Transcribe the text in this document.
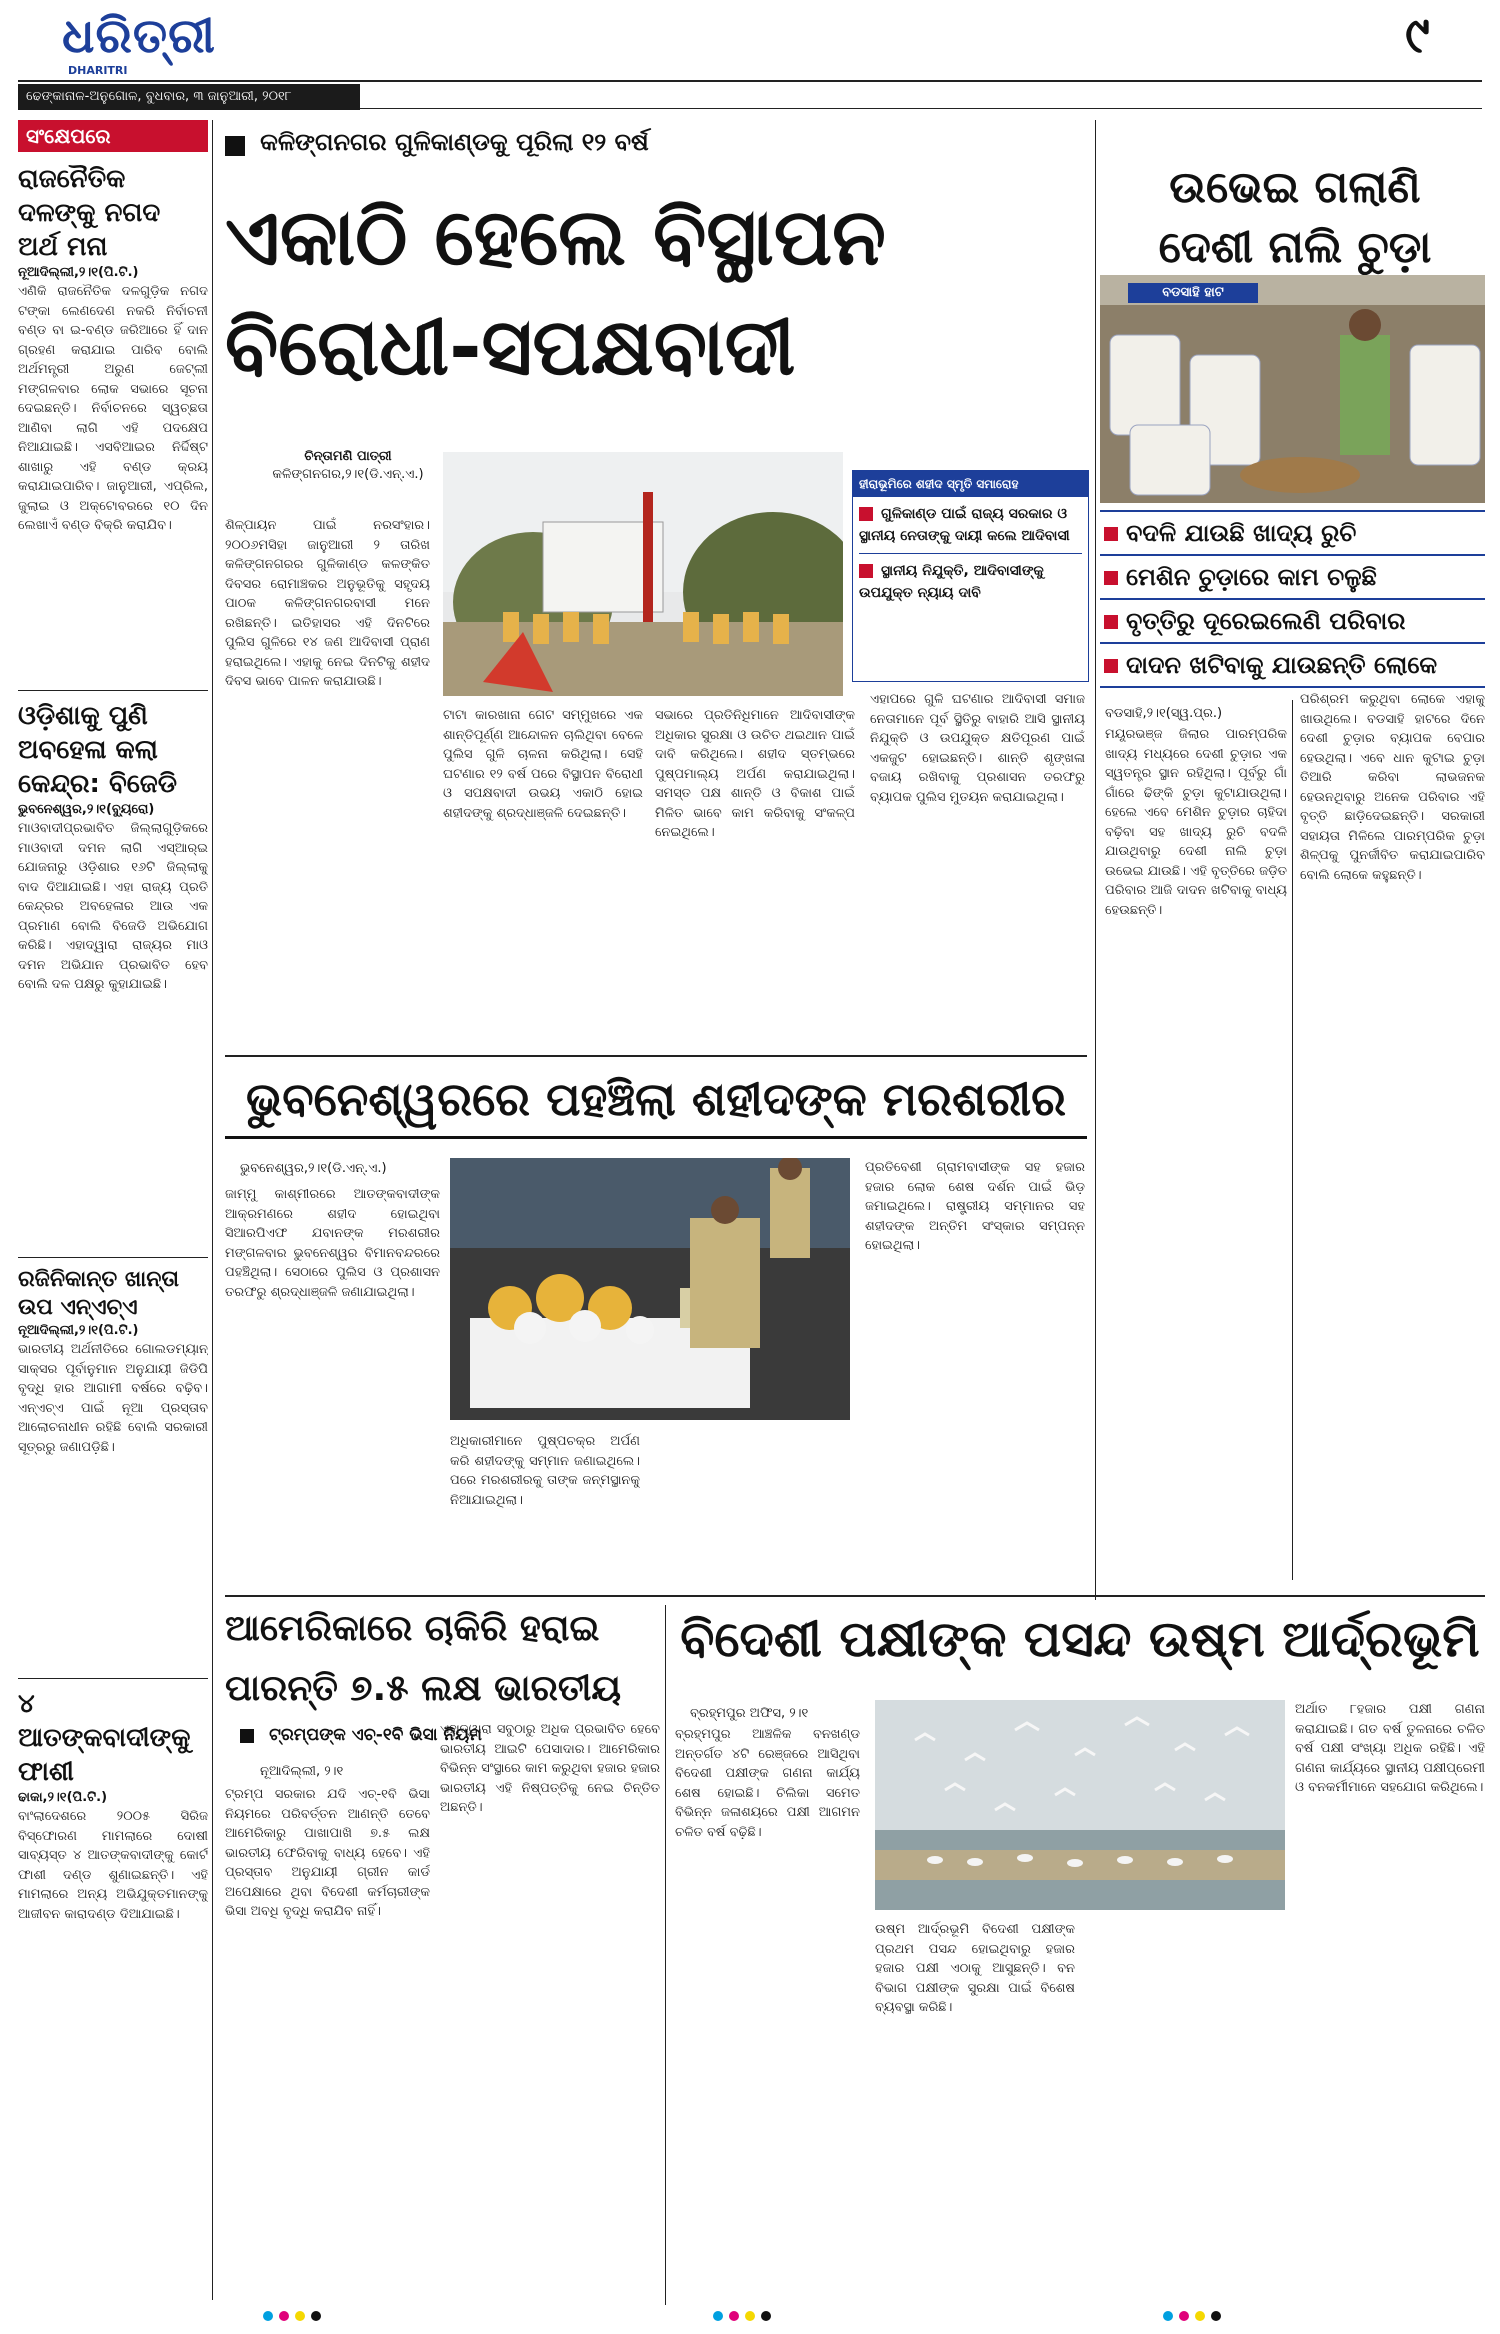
ଧରିତ୍ରୀ
DHARITRI
୯
ଢେଙ୍କାନାଳ-ଅନୁଗୋଳ, ବୁଧବାର, ୩ ଜାନୁଆରୀ, ୨୦୧୮
ସଂକ୍ଷେପରେ
ରାଜନୈତିକ ଦଳଙ୍କୁ ନଗଦ ଅର୍ଥ ମନା
ନୂଆଦିଲ୍ଲୀ,୨।୧(ପି.ଟି.)
ଏଣିକି ରାଜନୈତିକ ଦଳଗୁଡ଼ିକ ନଗଦ ଟଙ୍କା ଲେଣଦେଣ ନକରି ନିର୍ବାଚନୀ ବଣ୍ଡ ବା ଇ-ବଣ୍ଡ ଜରିଆରେ ହିଁ ଦାନ ଗ୍ରହଣ କରାଯାଇ ପାରିବ ବୋଲି ଅର୍ଥମନ୍ତ୍ରୀ ଅରୁଣ ଜେଟ୍‌ଲୀ ମଙ୍ଗଳବାର ଲୋକ ସଭାରେ ସୂଚନା ଦେଇଛନ୍ତି। ନିର୍ବାଚନରେ ସ୍ୱଚ୍ଛତା ଆଣିବା ଲାଗି ଏହି ପଦକ୍ଷେପ ନିଆଯାଇଛି। ଏସବିଆଇର ନିର୍ଦ୍ଦିଷ୍ଟ ଶାଖାରୁ ଏହି ବଣ୍ଡ କ୍ରୟ କରାଯାଇପାରିବ। ଜାନୁଆରୀ, ଏପ୍ରିଲ, ଜୁଲାଇ ଓ ଅକ୍ଟୋବରରେ ୧୦ ଦିନ ଲେଖାଏଁ ବଣ୍ଡ ବିକ୍ରି କରାଯିବ।
ଓଡ଼ିଶାକୁ ପୁଣି ଅବହେଳା କଲା କେନ୍ଦ୍ର: ବିଜେଡି
ଭୁବନେଶ୍ୱର,୨।୧(ବ୍ୟୁରୋ)
ମାଓବାଦୀପ୍ରଭାବିତ ଜିଲ୍ଲାଗୁଡ଼ିକରେ ମାଓବାଦୀ ଦମନ ଲାଗି ଏସ୍‌ଆର୍‌ଇ ଯୋଜନାରୁ ଓଡ଼ିଶାର ୧୬ଟି ଜିଲ୍ଲାକୁ ବାଦ ଦିଆଯାଇଛି। ଏହା ରାଜ୍ୟ ପ୍ରତି କେନ୍ଦ୍ରର ଅବହେଳାର ଆଉ ଏକ ପ୍ରମାଣ ବୋଲି ବିଜେଡି ଅଭିଯୋଗ କରିଛି। ଏହାଦ୍ୱାରା ରାଜ୍ୟର ମାଓ ଦମନ ଅଭିଯାନ ପ୍ରଭାବିତ ହେବ ବୋଲି ଦଳ ପକ୍ଷରୁ କୁହାଯାଇଛି।
ରଜିନିକାନ୍ତ ଖାନ୍ତା ଉପ ଏନ୍‌ଏଚ୍‌ଏ
ନୂଆଦିଲ୍ଲୀ,୨।୧(ପି.ଟି.)
ଭାରତୀୟ ଅର୍ଥନୀତିରେ ଗୋଲଡମ୍ୟାନ୍ ସାକ୍ସର ପୂର୍ବାନୁମାନ ଅନୁଯାୟୀ ଜିଡିପି ବୃଦ୍ଧି ହାର ଆଗାମୀ ବର୍ଷରେ ବଢ଼ିବ। ଏନ୍‌ଏଚ୍‌ଏ ପାଇଁ ନୂଆ ପ୍ରସ୍ତାବ ଆଲୋଚନାଧୀନ ରହିଛି ବୋଲି ସରକାରୀ ସୂତ୍ରରୁ ଜଣାପଡ଼ିଛି।
୪ ଆତଙ୍କବାଦୀଙ୍କୁ ଫାଶୀ
ଢାକା,୨।୧(ପି.ଟି.)
ବାଂଲାଦେଶରେ ୨୦୦୫ ସିରିଜ ବିସ୍ଫୋରଣ ମାମଲାରେ ଦୋଷୀ ସାବ୍ୟସ୍ତ ୪ ଆତଙ୍କବାଦୀଙ୍କୁ କୋର୍ଟ ଫାଶୀ ଦଣ୍ଡ ଶୁଣାଇଛନ୍ତି। ଏହି ମାମଲାରେ ଅନ୍ୟ ଅଭିଯୁକ୍ତମାନଙ୍କୁ ଆଜୀବନ କାରାଦଣ୍ଡ ଦିଆଯାଇଛି।
କଳିଙ୍ଗନଗର ଗୁଳିକାଣ୍ଡକୁ ପୂରିଲା ୧୨ ବର୍ଷ
ଏକାଠି ହେଲେ ବିସ୍ଥାପନ
ବିରୋଧୀ-ସପକ୍ଷବାଦୀ
ଚିନ୍ତାମଣି ପାତ୍ରୀ
କଳିଙ୍ଗନଗର,୨।୧(ଡି.ଏନ୍.ଏ.)
ଶିଳ୍ପାୟନ ପାଇଁ ନରସଂହାର। ୨୦୦୬ମସିହା ଜାନୁଆରୀ ୨ ତାରିଖ କଳିଙ୍ଗନଗରର ଗୁଳିକାଣ୍ଡ କଳଙ୍କିତ ଦିବସର ରୋମାଞ୍ଚକର ଅନୁଭୂତିକୁ ସହୃଦୟ ପାଠକ କଳିଙ୍ଗନଗରବାସୀ ମନେ ରଖିଛନ୍ତି। ଇତିହାସର ଏହି ଦିନଟିରେ ପୁଲିସ ଗୁଳିରେ ୧୪ ଜଣ ଆଦିବାସୀ ପ୍ରାଣ ହରାଇଥିଲେ। ଏହାକୁ ନେଇ ଦିନଟିକୁ ଶହୀଦ ଦିବସ ଭାବେ ପାଳନ କରାଯାଉଛି।
ହୀରାଭୂମିରେ ଶହୀଦ ସ୍ମୃତି ସମାରୋହ
ଗୁଳିକାଣ୍ଡ ପାଇଁ ରାଜ୍ୟ ସରକାର ଓ ସ୍ଥାନୀୟ ନେତାଙ୍କୁ ଦାୟୀ କଲେ ଆଦିବାସୀ
ସ୍ଥାନୀୟ ନିଯୁକ୍ତି, ଆଦିବାସୀଙ୍କୁ ଉପଯୁକ୍ତ ନ୍ୟାୟ ଦାବି
ଟାଟା କାରଖାନା ଗେଟ ସମ୍ମୁଖରେ ଏକ ଶାନ୍ତିପୂର୍ଣ୍ଣ ଆନ୍ଦୋଳନ ଚାଲିଥିବା ବେଳେ ପୁଲିସ ଗୁଳି ଚାଳନା କରିଥିଲା। ସେହି ଘଟଣାର ୧୨ ବର୍ଷ ପରେ ବିସ୍ଥାପନ ବିରୋଧୀ ଓ ସପକ୍ଷବାଦୀ ଉଭୟ ଏକାଠି ହୋଇ ଶହୀଦଙ୍କୁ ଶ୍ରଦ୍ଧାଞ୍ଜଳି ଦେଇଛନ୍ତି।
ସଭାରେ ପ୍ରତିନିଧିମାନେ ଆଦିବାସୀଙ୍କ ଅଧିକାର ସୁରକ୍ଷା ଓ ଉଚିତ ଥଇଥାନ ପାଇଁ ଦାବି କରିଥିଲେ। ଶହୀଦ ସ୍ତମ୍ଭରେ ପୁଷ୍ପମାଲ୍ୟ ଅର୍ପଣ କରାଯାଇଥିଲା। ସମସ୍ତ ପକ୍ଷ ଶାନ୍ତି ଓ ବିକାଶ ପାଇଁ ମିଳିତ ଭାବେ କାମ କରିବାକୁ ସଂକଳ୍ପ ନେଇଥିଲେ।
ଏହାପରେ ଗୁଳି ଘଟଣାର ଆଦିବାସୀ ସମାଜ ନେତାମାନେ ପୂର୍ବ ସ୍ଥିତିରୁ ବାହାରି ଆସି ସ୍ଥାନୀୟ ନିଯୁକ୍ତି ଓ ଉପଯୁକ୍ତ କ୍ଷତିପୂରଣ ପାଇଁ ଏକଜୁଟ ହୋଇଛନ୍ତି। ଶାନ୍ତି ଶୃଙ୍ଖଳା ବଜାୟ ରଖିବାକୁ ପ୍ରଶାସନ ତରଫରୁ ବ୍ୟାପକ ପୁଲିସ ମୁତୟନ କରାଯାଇଥିଲା।
ଉଭେଇ ଗଲାଣି
ଦେଶୀ ନାଲି ଚୁଡ଼ା
ବଡସାହି ହାଟ
ବଦଳି ଯାଉଛି ଖାଦ୍ୟ ରୁଚି
ମେଶିନ ଚୁଡ଼ାରେ କାମ ଚଳୁଛି
ବୃତ୍ତିରୁ ଦୂରେଇଲେଣି ପରିବାର
ଦାଦନ ଖଟିବାକୁ ଯାଉଛନ୍ତି ଲୋକେ
ବଡସାହି,୨।୧(ସ୍ୱ.ପ୍ର.)
ମୟୂରଭଞ୍ଜ ଜିଲାର ପାରମ୍ପରିକ ଖାଦ୍ୟ ମଧ୍ୟରେ ଦେଶୀ ଚୁଡ଼ାର ଏକ ସ୍ୱତନ୍ତ୍ର ସ୍ଥାନ ରହିଥିଲା। ପୂର୍ବରୁ ଗାଁ ଗାଁରେ ଢିଙ୍କି ଚୁଡ଼ା କୁଟାଯାଉଥିଲା। ହେଲେ ଏବେ ମେଶିନ ଚୁଡ଼ାର ଚାହିଦା ବଢ଼ିବା ସହ ଖାଦ୍ୟ ରୁଚି ବଦଳି ଯାଉଥିବାରୁ ଦେଶୀ ନାଲି ଚୁଡ଼ା ଉଭେଇ ଯାଉଛି। ଏହି ବୃତ୍ତିରେ ଜଡ଼ିତ ପରିବାର ଆଜି ଦାଦନ ଖଟିବାକୁ ବାଧ୍ୟ ହେଉଛନ୍ତି।
ପରିଶ୍ରମ କରୁଥିବା ଲୋକେ ଏହାକୁ ଖାଉଥିଲେ। ବଡସାହି ହାଟରେ ଦିନେ ଦେଶୀ ଚୁଡ଼ାର ବ୍ୟାପକ ବେପାର ହେଉଥିଲା। ଏବେ ଧାନ କୁଟାଇ ଚୁଡ଼ା ତିଆରି କରିବା ଲାଭଜନକ ହେଉନଥିବାରୁ ଅନେକ ପରିବାର ଏହି ବୃତ୍ତି ଛାଡ଼ିଦେଇଛନ୍ତି। ସରକାରୀ ସହାୟତା ମିଳିଲେ ପାରମ୍ପରିକ ଚୁଡ଼ା ଶିଳ୍ପକୁ ପୁନର୍ଜୀବିତ କରାଯାଇପାରିବ ବୋଲି ଲୋକେ କହୁଛନ୍ତି।
ଭୁବନେଶ୍ୱରରେ ପହଞ୍ଚିଲା ଶହୀଦଙ୍କ ମରଶରୀର
ଭୁବନେଶ୍ୱର,୨।୧(ଡି.ଏନ୍.ଏ.)
ଜାମ୍ମୁ କାଶ୍ମୀରରେ ଆତଙ୍କବାଦୀଙ୍କ ଆକ୍ରମଣରେ ଶହୀଦ ହୋଇଥିବା ସିଆରପିଏଫ ଯବାନଙ୍କ ମରଶରୀର ମଙ୍ଗଳବାର ଭୁବନେଶ୍ୱର ବିମାନବନ୍ଦରରେ ପହଞ୍ଚିଥିଲା। ସେଠାରେ ପୁଲିସ ଓ ପ୍ରଶାସନ ତରଫରୁ ଶ୍ରଦ୍ଧାଞ୍ଜଳି ଜଣାଯାଇଥିଲା।
ଅଧିକାରୀମାନେ ପୁଷ୍ପଚକ୍ର ଅର୍ପଣ କରି ଶହୀଦଙ୍କୁ ସମ୍ମାନ ଜଣାଇଥିଲେ। ପରେ ମରଶରୀରକୁ ତାଙ୍କ ଜନ୍ମସ୍ଥାନକୁ ନିଆଯାଇଥିଲା।
ପ୍ରତିବେଶୀ ଗ୍ରାମବାସୀଙ୍କ ସହ ହଜାର ହଜାର ଲୋକ ଶେଷ ଦର୍ଶନ ପାଇଁ ଭିଡ଼ ଜମାଇଥିଲେ। ରାଷ୍ଟ୍ରୀୟ ସମ୍ମାନର ସହ ଶହୀଦଙ୍କ ଅନ୍ତିମ ସଂସ୍କାର ସମ୍ପନ୍ନ ହୋଇଥିଲା।
ଆମେରିକାରେ ଚାକିରି ହରାଇ
ପାରନ୍ତି ୭.୫ ଲକ୍ଷ ଭାରତୀୟ
ଟ୍ରମ୍ପଙ୍କ ଏଚ୍-୧ବି ଭିସା ନିୟମ
ନୂଆଦିଲ୍ଲୀ, ୨।୧
ଟ୍ରମ୍ପ ସରକାର ଯଦି ଏଚ୍-୧ବି ଭିସା ନିୟମରେ ପରିବର୍ତ୍ତନ ଆଣନ୍ତି ତେବେ ଆମେରିକାରୁ ପାଖାପାଖି ୭.୫ ଲକ୍ଷ ଭାରତୀୟ ଫେରିବାକୁ ବାଧ୍ୟ ହେବେ। ଏହି ପ୍ରସ୍ତାବ ଅନୁଯାୟୀ ଗ୍ରୀନ କାର୍ଡ ଅପେକ୍ଷାରେ ଥିବା ବିଦେଶୀ କର୍ମଚାରୀଙ୍କ ଭିସା ଅବଧି ବୃଦ୍ଧି କରାଯିବ ନାହିଁ।
ଏହାଦ୍ୱାରା ସବୁଠାରୁ ଅଧିକ ପ୍ରଭାବିତ ହେବେ ଭାରତୀୟ ଆଇଟି ପେସାଦାର। ଆମେରିକାର ବିଭିନ୍ନ ସଂସ୍ଥାରେ କାମ କରୁଥିବା ହଜାର ହଜାର ଭାରତୀୟ ଏହି ନିଷ୍ପତ୍ତିକୁ ନେଇ ଚିନ୍ତିତ ଅଛନ୍ତି।
ବିଦେଶୀ ପକ୍ଷୀଙ୍କ ପସନ୍ଦ ଉଷ୍ମ ଆର୍ଦ୍ରଭୂମି
ବ୍ରହ୍ମପୁର ଅଫିସ, ୨।୧
ବ୍ରହ୍ମପୁର ଆଞ୍ଚଳିକ ବନଖଣ୍ଡ ଅନ୍ତର୍ଗତ ୪ଟି ରେଞ୍ଜରେ ଆସିଥିବା ବିଦେଶୀ ପକ୍ଷୀଙ୍କ ଗଣନା କାର୍ଯ୍ୟ ଶେଷ ହୋଇଛି। ଚିଲିକା ସମେତ ବିଭିନ୍ନ ଜଳାଶୟରେ ପକ୍ଷୀ ଆଗମନ ଚଳିତ ବର୍ଷ ବଢ଼ିଛି।
ଉଷ୍ମ ଆର୍ଦ୍ରଭୂମି ବିଦେଶୀ ପକ୍ଷୀଙ୍କ ପ୍ରଥମ ପସନ୍ଦ ହୋଇଥିବାରୁ ହଜାର ହଜାର ପକ୍ଷୀ ଏଠାକୁ ଆସୁଛନ୍ତି। ବନ ବିଭାଗ ପକ୍ଷୀଙ୍କ ସୁରକ୍ଷା ପାଇଁ ବିଶେଷ ବ୍ୟବସ୍ଥା କରିଛି।
ଅର୍ଥାତ ୮ହଜାର ପକ୍ଷୀ ଗଣନା କରାଯାଇଛି। ଗତ ବର୍ଷ ତୁଳନାରେ ଚଳିତ ବର୍ଷ ପକ୍ଷୀ ସଂଖ୍ୟା ଅଧିକ ରହିଛି। ଏହି ଗଣନା କାର୍ଯ୍ୟରେ ସ୍ଥାନୀୟ ପକ୍ଷୀପ୍ରେମୀ ଓ ବନକର୍ମୀମାନେ ସହଯୋଗ କରିଥିଲେ।
